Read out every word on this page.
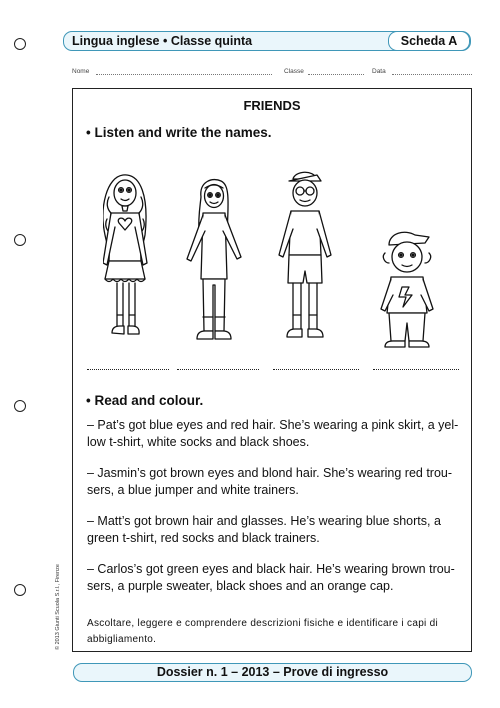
Lingua inglese • Classe quinta	Scheda A
Nome	Classe	Data
FRIENDS
• Listen and write the names.
• Read and colour.
– Pat’s got blue eyes and red hair. She’s wearing a pink skirt, a yel- low t-shirt, white socks and black shoes.
– Jasmin’s got brown eyes and blond hair. She’s wearing red trou- sers, a blue jumper and white trainers.
– Matt’s got brown hair and glasses. He’s wearing blue shorts, a green t-shirt, red socks and black trainers.
– Carlos’s got green eyes and black hair. He’s wearing brown trou- sers, a purple sweater, black shoes and an orange cap.
Ascoltare, leggere e comprendere descrizioni fisiche e identificare i capi di abbigliamento.
© 2013 Giunti Scuola S.r.l., Firenze
Dossier n. 1 – 2013 – Prove di ingresso
